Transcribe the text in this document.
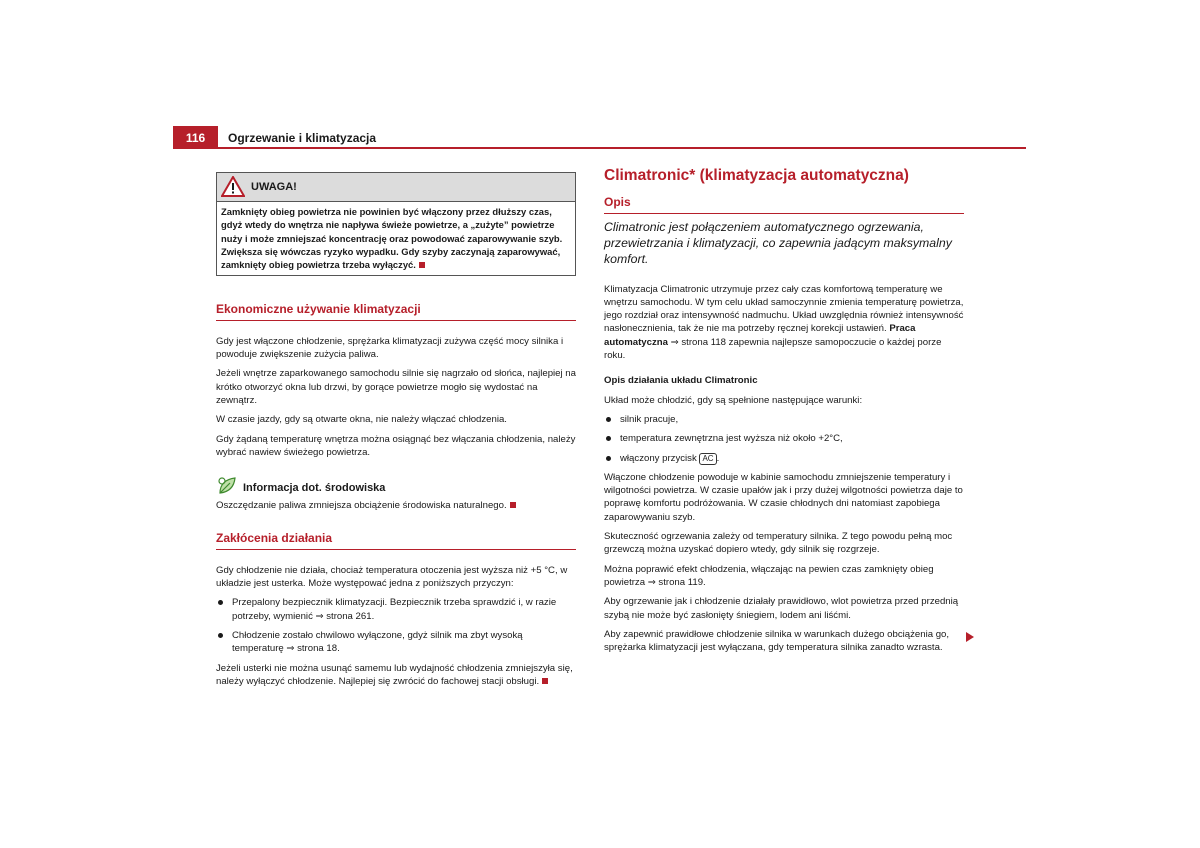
116	Ogrzewanie i klimatyzacja
UWAGA!
Zamknięty obieg powietrza nie powinien być włączony przez dłuższy czas, gdyż wtedy do wnętrza nie napływa świeże powietrze, a „zużyte” powietrze nuży i może zmniejszać koncentrację oraz powodować zaparowywanie szyb. Zwiększa się wówczas ryzyko wypadku. Gdy szyby zaczynają zaparowywać, zamknięty obieg powietrza trzeba wyłączyć.
Ekonomiczne używanie klimatyzacji

Gdy jest włączone chłodzenie, sprężarka klimatyzacji zużywa część mocy silnika i powoduje zwiększenie zużycia paliwa.

Jeżeli wnętrze zaparkowanego samochodu silnie się nagrzało od słońca, najlepiej na krótko otworzyć okna lub drzwi, by gorące powietrze mogło się wydostać na zewnątrz.

W czasie jazdy, gdy są otwarte okna, nie należy włączać chłodzenia.

Gdy żądaną temperaturę wnętrza można osiągnąć bez włączania chłodzenia, należy wybrać nawiew świeżego powietrza.

Informacja dot. środowiska

Oszczędzanie paliwa zmniejsza obciążenie środowiska naturalnego.

Zakłócenia działania

Gdy chłodzenie nie działa, chociaż temperatura otoczenia jest wyższa niż +5 °C, w układzie jest usterka. Może występować jedna z poniższych przyczyn:

Przepalony bezpiecznik klimatyzacji. Bezpiecznik trzeba sprawdzić i, w razie potrzeby, wymienić ⇒ strona 261.

Chłodzenie zostało chwilowo wyłączone, gdyż silnik ma zbyt wysoką temperaturę ⇒ strona 18.

Jeżeli usterki nie można usunąć samemu lub wydajność chłodzenia zmniejszyła się, należy wyłączyć chłodzenie. Najlepiej się zwrócić do fachowej stacji obsługi.

Climatronic* (klimatyzacja automatyczna)
Opis

Climatronic jest połączeniem automatycznego ogrzewania, przewietrzania i klimatyzacji, co zapewnia jadącym maksymalny komfort.

Klimatyzacja Climatronic utrzymuje przez cały czas komfortową temperaturę we wnętrzu samochodu. W tym celu układ samoczynnie zmienia temperaturę powietrza, jego rozdział oraz intensywność nadmuchu. Układ uwzględnia również intensywność nasłonecznienia, tak że nie ma potrzeby ręcznej korekcji ustawień. Praca automatyczna ⇒ strona 118 zapewnia najlepsze samopoczucie o każdej porze roku.

Opis działania układu Climatronic

Układ może chłodzić, gdy są spełnione następujące warunki:

silnik pracuje,

temperatura zewnętrzna jest wyższa niż około +2°C,

włączony przycisk AC .

Włączone chłodzenie powoduje w kabinie samochodu zmniejszenie temperatury i wilgotności powietrza. W czasie upałów jak i przy dużej wilgotności powietrza daje to poprawę komfortu podróżowania. W czasie chłodnych dni natomiast zapobiega zaparowywaniu szyb.

Skuteczność ogrzewania zależy od temperatury silnika. Z tego powodu pełną moc grzewczą można uzyskać dopiero wtedy, gdy silnik się rozgrzeje.

Można poprawić efekt chłodzenia, włączając na pewien czas zamknięty obieg powietrza ⇒ strona 119.

Aby ogrzewanie jak i chłodzenie działały prawidłowo, wlot powietrza przed przednią szybą nie może być zasłonięty śniegiem, lodem ani liśćmi.

Aby zapewnić prawidłowe chłodzenie silnika w warunkach dużego obciążenia go, sprężarka klimatyzacji jest wyłączana, gdy temperatura silnika zanadto wzrasta.
